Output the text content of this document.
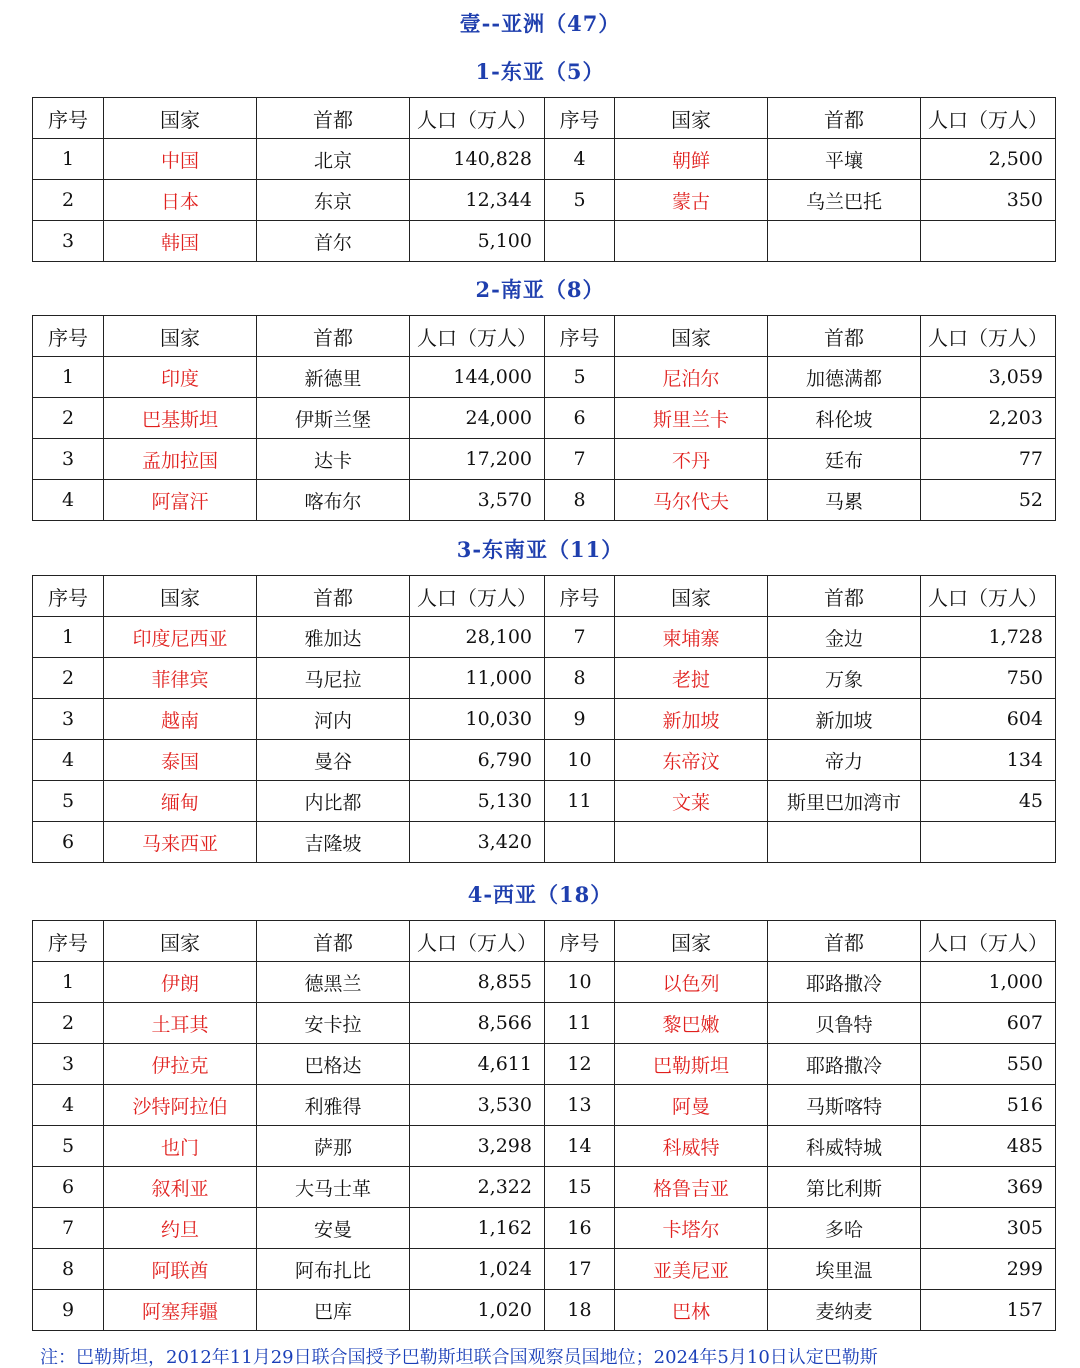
壹--亚洲（47）
1-东亚（5）
序号	国家	首都	人口（万人）	序号	国家	首都	人口（万人）
1	中国	北京	140,828	4	朝鲜	平壤	2,500
2	日本	东京	12,344	5	蒙古	乌兰巴托	350
3	韩国	首尔	5,100				
2-南亚（8）
序号	国家	首都	人口（万人）	序号	国家	首都	人口（万人）
1	印度	新德里	144,000	5	尼泊尔	加德满都	3,059
2	巴基斯坦	伊斯兰堡	24,000	6	斯里兰卡	科伦坡	2,203
3	孟加拉国	达卡	17,200	7	不丹	廷布	77
4	阿富汗	喀布尔	3,570	8	马尔代夫	马累	52
3-东南亚（11）
序号	国家	首都	人口（万人）	序号	国家	首都	人口（万人）
1	印度尼西亚	雅加达	28,100	7	柬埔寨	金边	1,728
2	菲律宾	马尼拉	11,000	8	老挝	万象	750
3	越南	河内	10,030	9	新加坡	新加坡	604
4	泰国	曼谷	6,790	10	东帝汶	帝力	134
5	缅甸	内比都	5,130	11	文莱	斯里巴加湾市	45
6	马来西亚	吉隆坡	3,420				
4-西亚（18）
序号	国家	首都	人口（万人）	序号	国家	首都	人口（万人）
1	伊朗	德黑兰	8,855	10	以色列	耶路撒冷	1,000
2	土耳其	安卡拉	8,566	11	黎巴嫩	贝鲁特	607
3	伊拉克	巴格达	4,611	12	巴勒斯坦	耶路撒冷	550
4	沙特阿拉伯	利雅得	3,530	13	阿曼	马斯喀特	516
5	也门	萨那	3,298	14	科威特	科威特城	485
6	叙利亚	大马士革	2,322	15	格鲁吉亚	第比利斯	369
7	约旦	安曼	1,162	16	卡塔尔	多哈	305
8	阿联酋	阿布扎比	1,024	17	亚美尼亚	埃里温	299
9	阿塞拜疆	巴库	1,020	18	巴林	麦纳麦	157
注：巴勒斯坦，2012年11月29日联合国授予巴勒斯坦联合国观察员国地位；2024年5月10日认定巴勒斯
